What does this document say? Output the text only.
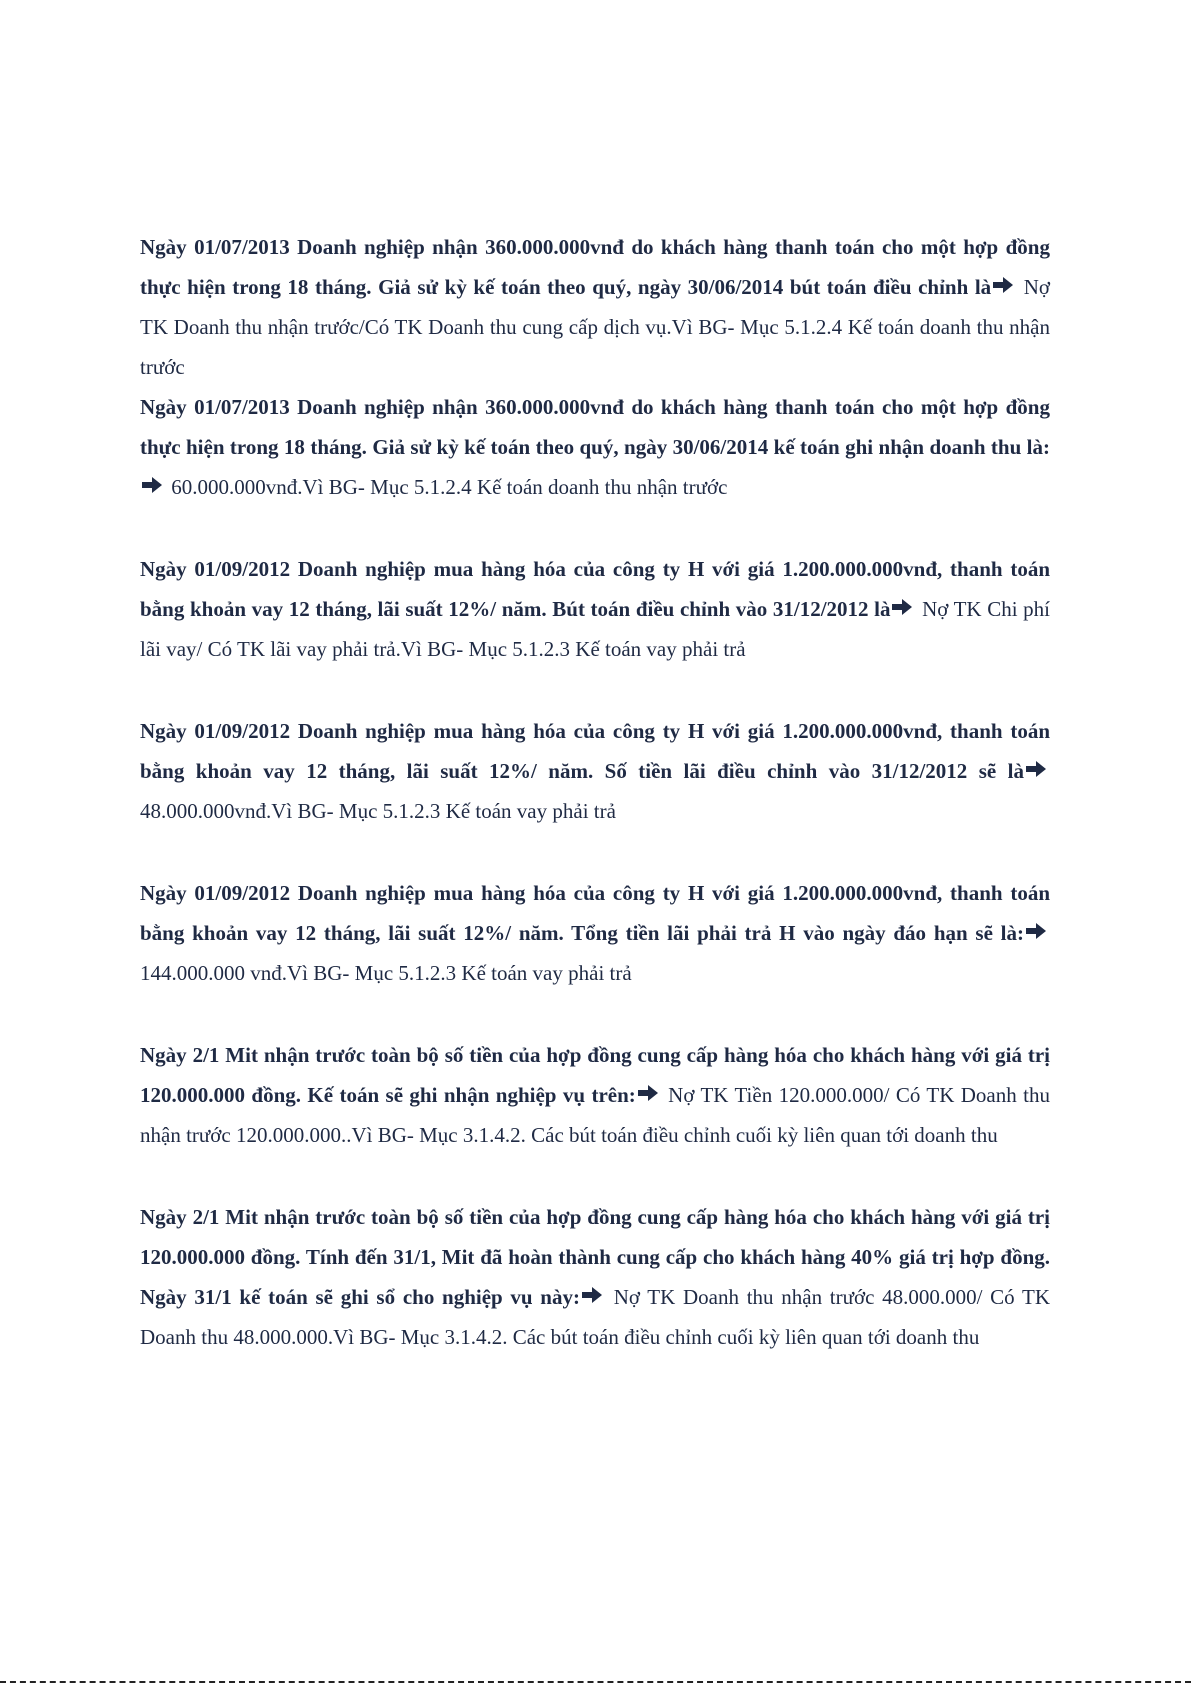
Ngày 01/07/2013 Doanh nghiệp nhận 360.000.000vnđ do khách hàng thanh toán cho một hợp đồng thực hiện trong 18 tháng. Giả sử kỳ kế toán theo quý, ngày 30/06/2014 bút toán điều chỉnh là Nợ TK Doanh thu nhận trước/Có TK Doanh thu cung cấp dịch vụ.Vì BG- Mục 5.1.2.4 Kế toán doanh thu nhận trước

Ngày 01/07/2013 Doanh nghiệp nhận 360.000.000vnđ do khách hàng thanh toán cho một hợp đồng thực hiện trong 18 tháng. Giả sử kỳ kế toán theo quý, ngày 30/06/2014 kế toán ghi nhận doanh thu là: 60.000.000vnđ.Vì BG- Mục 5.1.2.4 Kế toán doanh thu nhận trước

Ngày 01/09/2012 Doanh nghiệp mua hàng hóa của công ty H với giá 1.200.000.000vnđ, thanh toán bằng khoản vay 12 tháng, lãi suất 12%/ năm. Bút toán điều chỉnh vào 31/12/2012 là Nợ TK Chi phí lãi vay/ Có TK lãi vay phải trả.Vì BG- Mục 5.1.2.3 Kế toán vay phải trả

Ngày 01/09/2012 Doanh nghiệp mua hàng hóa của công ty H với giá 1.200.000.000vnđ, thanh toán bằng khoản vay 12 tháng, lãi suất 12%/ năm. Số tiền lãi điều chỉnh vào 31/12/2012 sẽ là 48.000.000vnđ.Vì BG- Mục 5.1.2.3 Kế toán vay phải trả

Ngày 01/09/2012 Doanh nghiệp mua hàng hóa của công ty H với giá 1.200.000.000vnđ, thanh toán bằng khoản vay 12 tháng, lãi suất 12%/ năm. Tổng tiền lãi phải trả H vào ngày đáo hạn sẽ là: 144.000.000 vnđ.Vì BG- Mục 5.1.2.3 Kế toán vay phải trả

Ngày 2/1 Mit nhận trước toàn bộ số tiền của hợp đồng cung cấp hàng hóa cho khách hàng với giá trị 120.000.000 đồng. Kế toán sẽ ghi nhận nghiệp vụ trên: Nợ TK Tiền 120.000.000/ Có TK Doanh thu nhận trước 120.000.000..Vì BG- Mục 3.1.4.2. Các bút toán điều chỉnh cuối kỳ liên quan tới doanh thu

Ngày 2/1 Mit nhận trước toàn bộ số tiền của hợp đồng cung cấp hàng hóa cho khách hàng với giá trị 120.000.000 đồng. Tính đến 31/1, Mit đã hoàn thành cung cấp cho khách hàng 40% giá trị hợp đồng. Ngày 31/1 kế toán sẽ ghi sổ cho nghiệp vụ này: Nợ TK Doanh thu nhận trước 48.000.000/ Có TK Doanh thu 48.000.000.Vì BG- Mục 3.1.4.2. Các bút toán điều chỉnh cuối kỳ liên quan tới doanh thu
